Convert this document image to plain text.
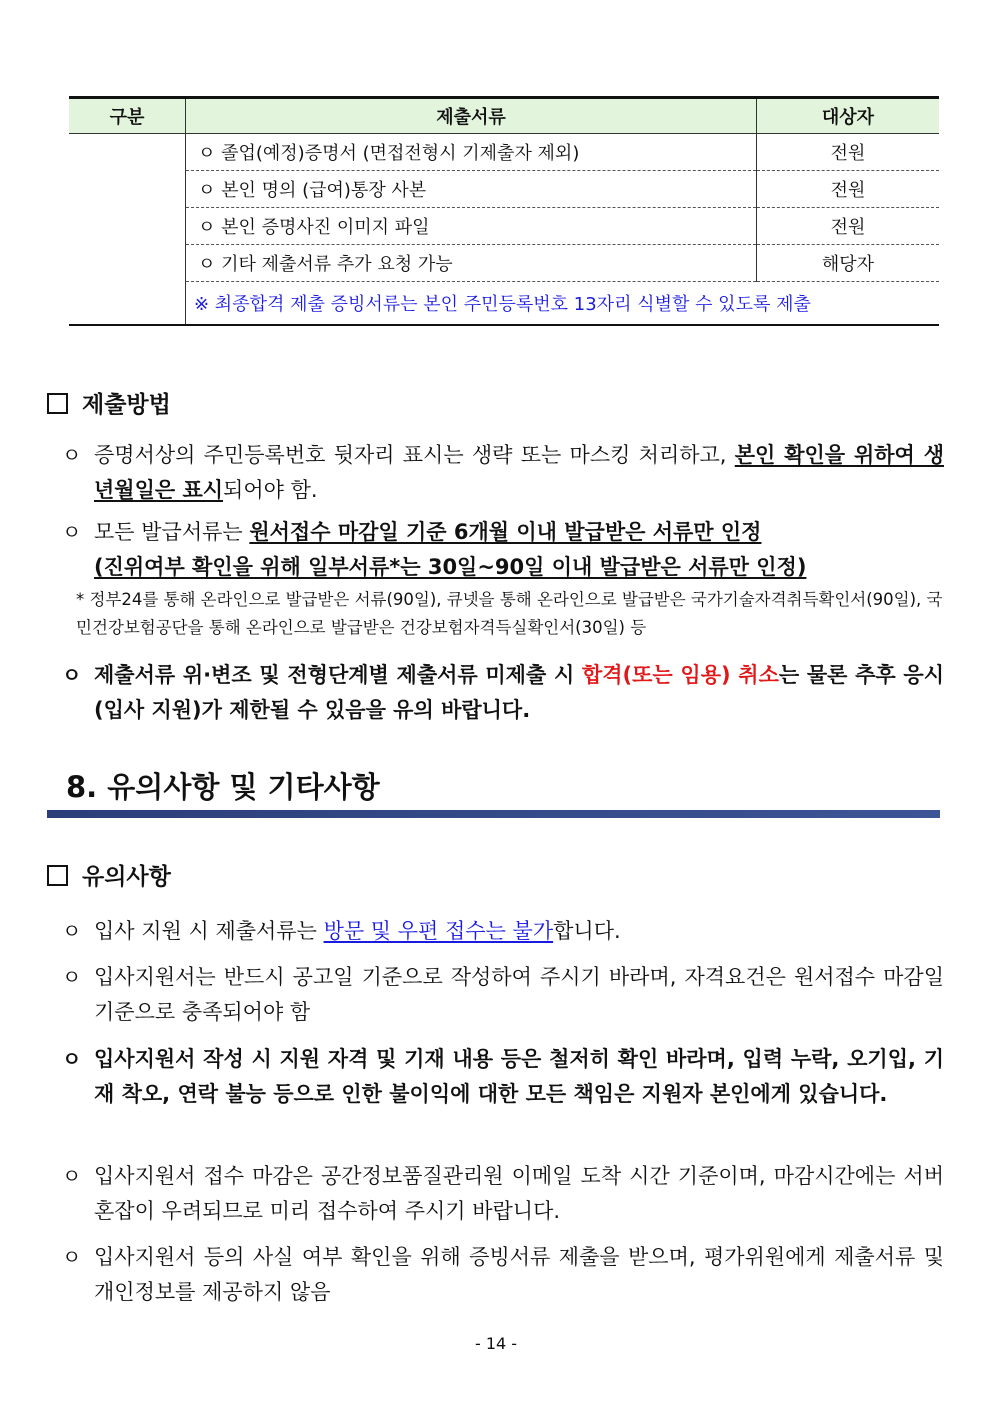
구분	제출서류	대상자
	ㅇ 졸업(예정)증명서 (면접전형시 기제출자 제외)	전원
	ㅇ 본인 명의 (급여)통장 사본	전원
	ㅇ 본인 증명사진 이미지 파일	전원
	ㅇ 기타 제출서류 추가 요청 가능	해당자
	※ 최종합격 제출 증빙서류는 본인 주민등록번호 13자리 식별할 수 있도록 제출	
제출방법
ㅇ 증명서상의 주민등록번호 뒷자리 표시는 생략 또는 마스킹 처리하고, 본인 확인을 위하여 생년월일은 표시되어야 함.
ㅇ 모든 발급서류는 원서접수 마감일 기준 6개월 이내 발급받은 서류만 인정
(진위여부 확인을 위해 일부서류*는 30일~90일 이내 발급받은 서류만 인정)
* 정부24를 통해 온라인으로 발급받은 서류(90일), 큐넷을 통해 온라인으로 발급받은 국가기술자격취득확인서(90일), 국민건강보험공단을 통해 온라인으로 발급받은 건강보험자격득실확인서(30일) 등
ㅇ 제출서류 위·변조 및 전형단계별 제출서류 미제출 시 합격(또는 임용) 취소는 물론 추후 응시(입사 지원)가 제한될 수 있음을 유의 바랍니다.
8. 유의사항 및 기타사항
유의사항
ㅇ 입사 지원 시 제출서류는 방문 및 우편 접수는 불가합니다.
ㅇ 입사지원서는 반드시 공고일 기준으로 작성하여 주시기 바라며, 자격요건은 원서접수 마감일 기준으로 충족되어야 함
ㅇ 입사지원서 작성 시 지원 자격 및 기재 내용 등은 철저히 확인 바라며, 입력 누락, 오기입, 기재 착오, 연락 불능 등으로 인한 불이익에 대한 모든 책임은 지원자 본인에게 있습니다.
ㅇ 입사지원서 접수 마감은 공간정보품질관리원 이메일 도착 시간 기준이며, 마감시간에는 서버 혼잡이 우려되므로 미리 접수하여 주시기 바랍니다.
ㅇ 입사지원서 등의 사실 여부 확인을 위해 증빙서류 제출을 받으며, 평가위원에게 제출서류 및 개인정보를 제공하지 않음
- 14 -
